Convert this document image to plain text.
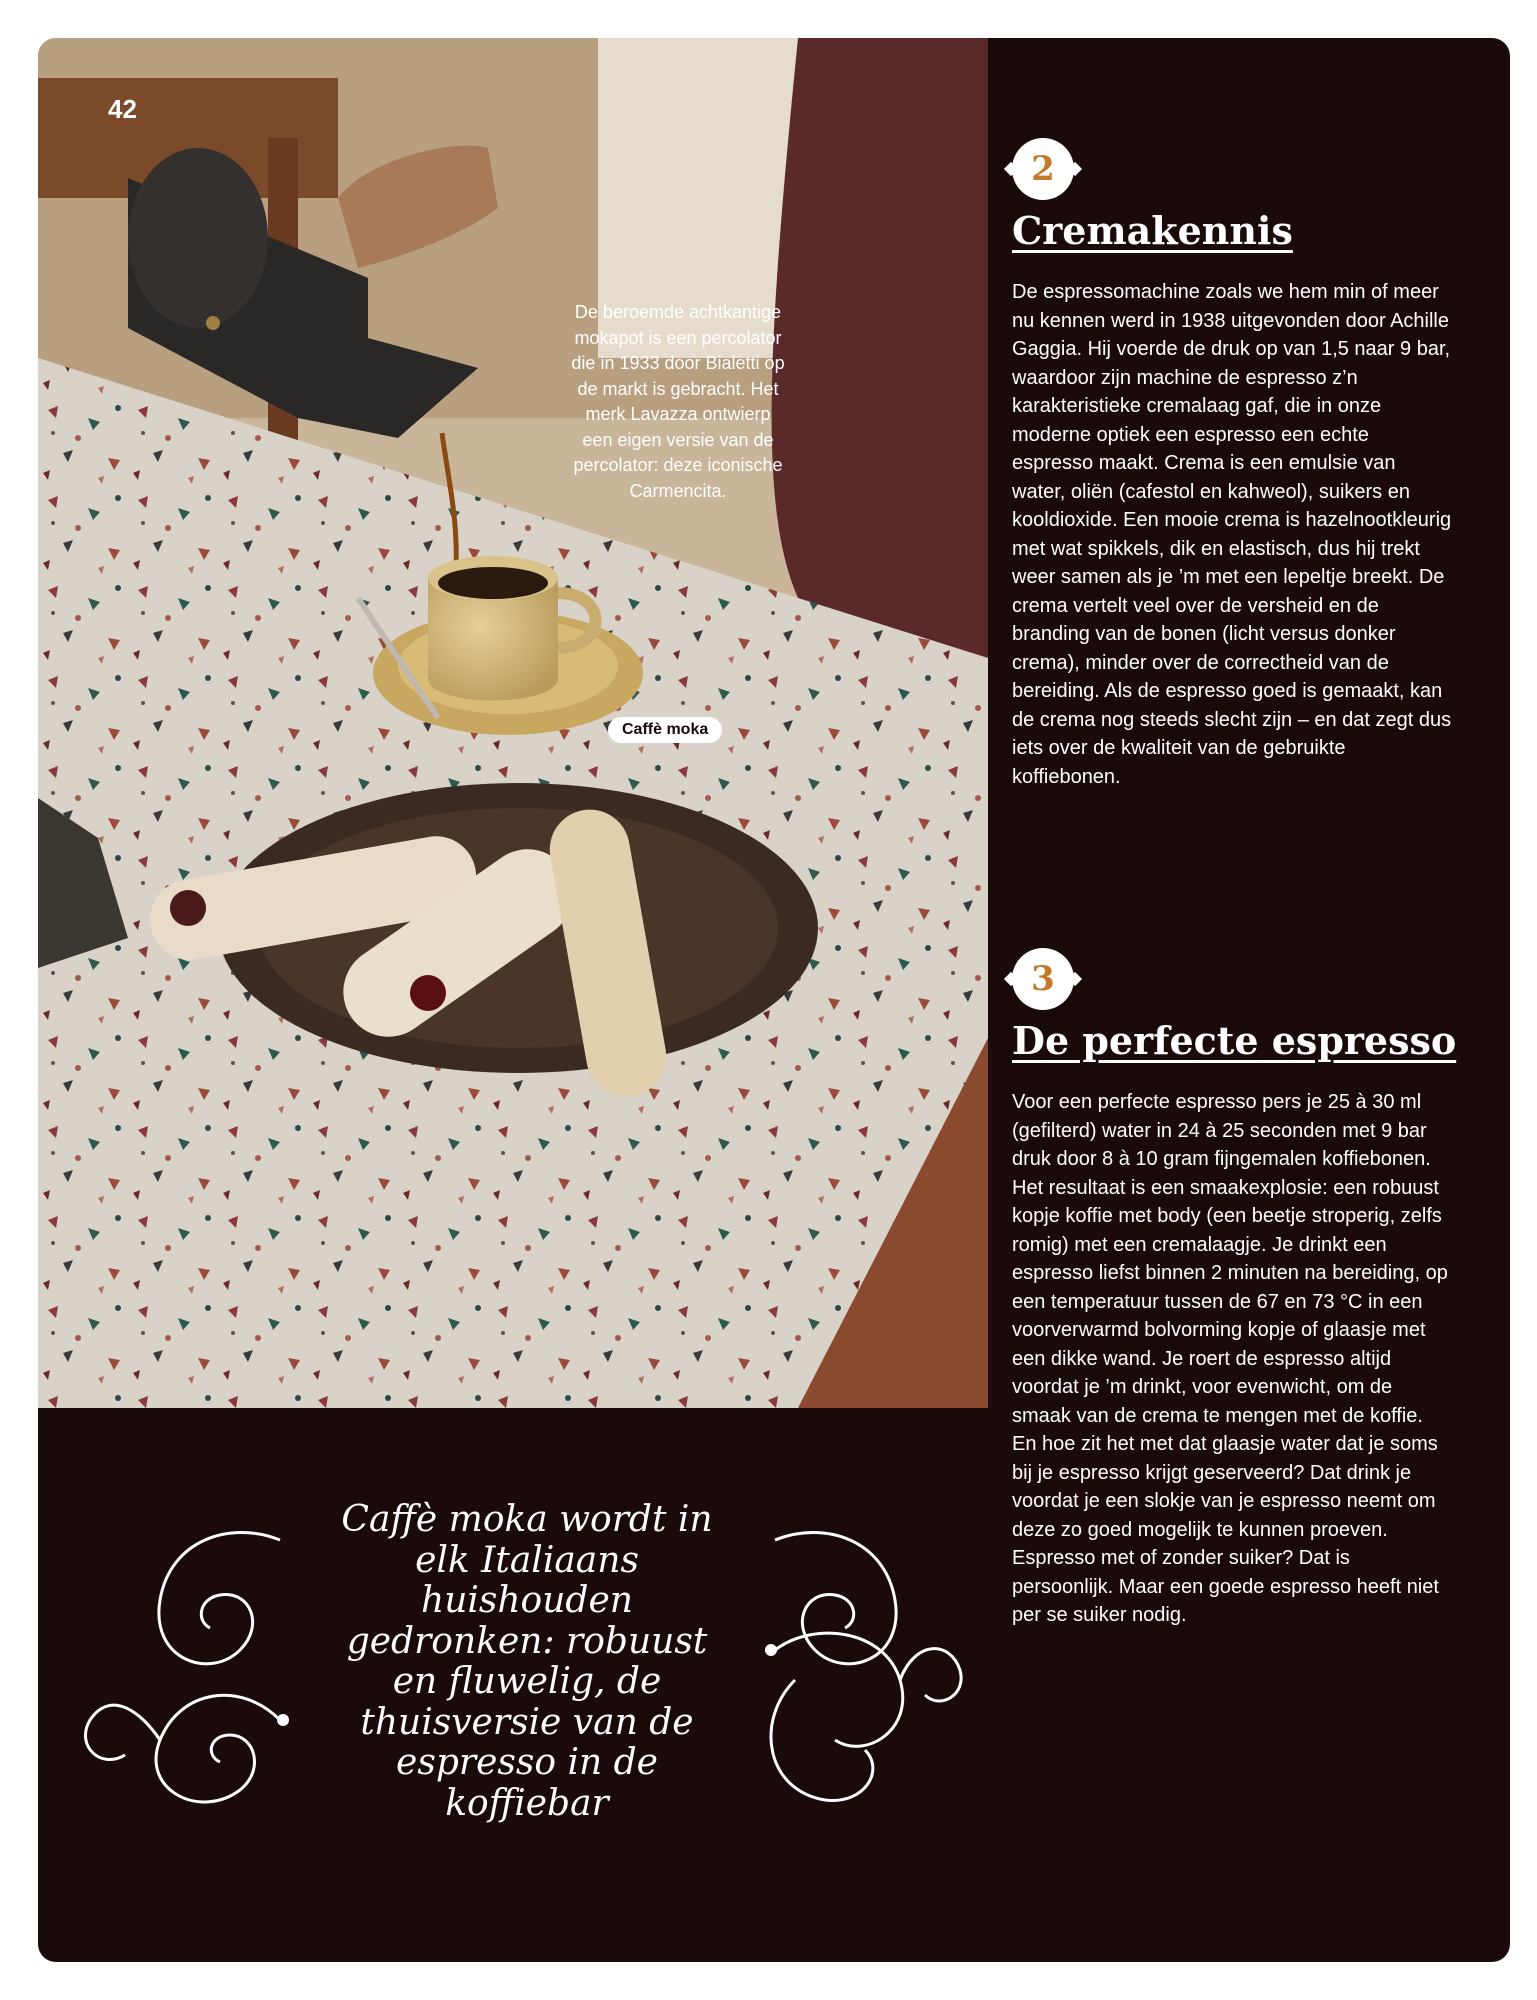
42
De beroemde achtkantige mokapot is een percolator die in 1933 door Bialetti op de markt is gebracht. Het merk Lavazza ontwierp een eigen versie van de percolator: deze iconische Carmencita.
Caffè moka
2
Cremakennis

De espressomachine zoals we hem min of meer nu kennen werd in 1938 uitgevonden door Achille Gaggia. Hij voerde de druk op van 1,5 naar 9 bar, waardoor zijn machine de espresso z’n karakteristieke cremalaag gaf, die in onze moderne optiek een espresso een echte espresso maakt. Crema is een emulsie van water, oliën (cafestol en kahweol), suikers en kooldioxide. Een mooie crema is hazelnootkleurig met wat spikkels, dik en elastisch, dus hij trekt weer samen als je ’m met een lepeltje breekt. De crema vertelt veel over de versheid en de branding van de bonen (licht versus donker crema), minder over de correctheid van de bereiding. Als de espresso goed is gemaakt, kan de crema nog steeds slecht zijn – en dat zegt dus iets over de kwaliteit van de gebruikte koffiebonen.

3
De perfecte espresso

Voor een perfecte espresso pers je 25 à 30 ml (gefilterd) water in 24 à 25 seconden met 9 bar druk door 8 à 10 gram fijngemalen koffiebonen. Het resultaat is een smaakexplosie: een robuust kopje koffie met body (een beetje stroperig, zelfs romig) met een cremalaagje. Je drinkt een espresso liefst binnen 2 minuten na bereiding, op een temperatuur tussen de 67 en 73 °C in een voorverwarmd bolvorming kopje of glaasje met een dikke wand. Je roert de espresso altijd voordat je ’m drinkt, voor evenwicht, om de smaak van de crema te mengen met de koffie. En hoe zit het met dat glaasje water dat je soms bij je espresso krijgt geserveerd? Dat drink je voordat je een slokje van je espresso neemt om deze zo goed mogelijk te kunnen proeven. Espresso met of zonder suiker? Dat is persoonlijk. Maar een goede espresso heeft niet per se suiker nodig.

Caffè moka wordt in elk Italiaans huishouden gedronken: robuust en fluwelig, de thuisversie van de espresso in de koffiebar
